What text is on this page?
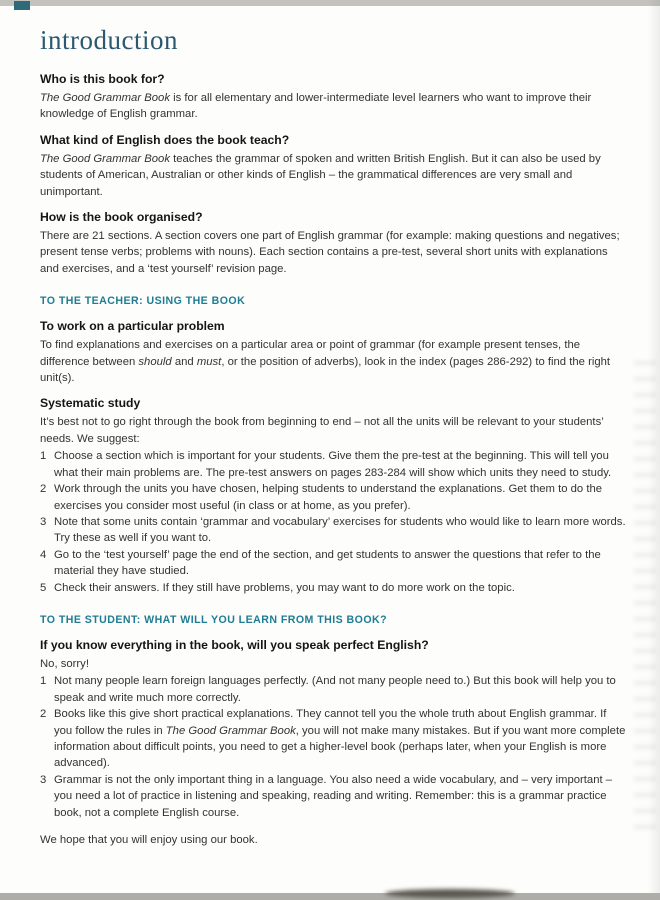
introduction
Who is this book for?

The Good Grammar Book is for all elementary and lower-intermediate level learners who want to improve their knowledge of English grammar.

What kind of English does the book teach?

The Good Grammar Book teaches the grammar of spoken and written British English. But it can also be used by students of American, Australian or other kinds of English – the grammatical differences are very small and unimportant.

How is the book organised?

There are 21 sections. A section covers one part of English grammar (for example: making questions and negatives; present tense verbs; problems with nouns). Each section contains a pre-test, several short units with explanations and exercises, and a ‘test yourself’ revision page.

TO THE TEACHER: USING THE BOOK
To work on a particular problem

To find explanations and exercises on a particular area or point of grammar (for example present tenses, the difference between should and must, or the position of adverbs), look in the index (pages 286-292) to find the right unit(s).

Systematic study

It’s best not to go right through the book from beginning to end – not all the units will be relevant to your students’ needs. We suggest:

1 Choose a section which is important for your students. Give them the pre-test at the beginning. This will tell you what their main problems are. The pre-test answers on pages 283-284 will show which units they need to study.
2 Work through the units you have chosen, helping students to understand the explanations. Get them to do the exercises you consider most useful (in class or at home, as you prefer).
3 Note that some units contain ‘grammar and vocabulary’ exercises for students who would like to learn more words. Try these as well if you want to.
4 Go to the ‘test yourself’ page the end of the section, and get students to answer the questions that refer to the material they have studied.
5 Check their answers. If they still have problems, you may want to do more work on the topic.
TO THE STUDENT: WHAT WILL YOU LEARN FROM THIS BOOK?
If you know everything in the book, will you speak perfect English?

No, sorry!

1 Not many people learn foreign languages perfectly. (And not many people need to.) But this book will help you to speak and write much more correctly.
2 Books like this give short practical explanations. They cannot tell you the whole truth about English grammar. If you follow the rules in The Good Grammar Book, you will not make many mistakes. But if you want more complete information about difficult points, you need to get a higher-level book (perhaps later, when your English is more advanced).
3 Grammar is not the only important thing in a language. You also need a wide vocabulary, and – very important – you need a lot of practice in listening and speaking, reading and writing. Remember: this is a grammar practice book, not a complete English course.

We hope that you will enjoy using our book.
